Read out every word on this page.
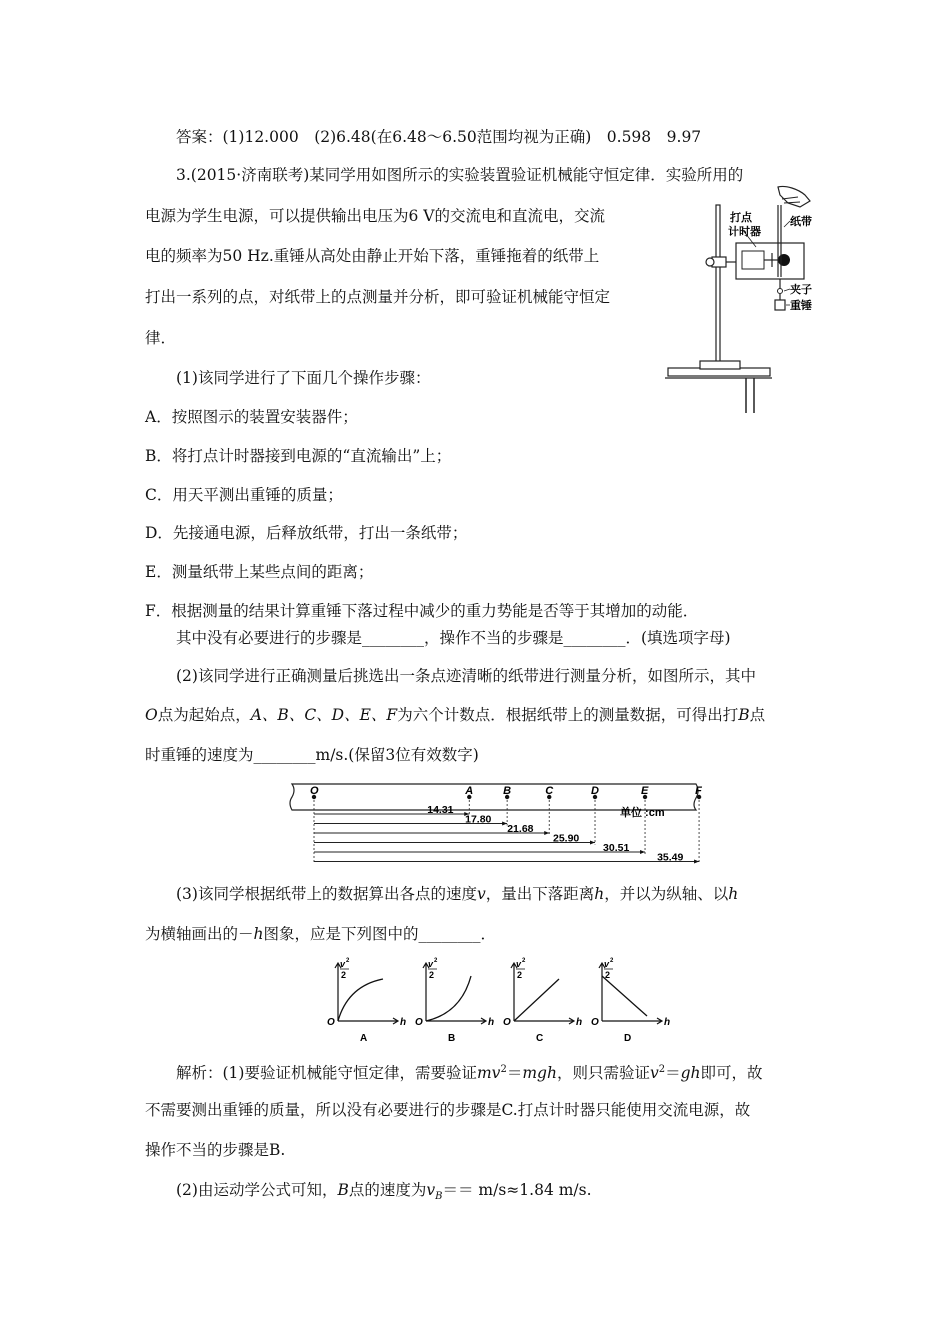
答案：(1)12.000　(2)6.48(在6.48～6.50范围均视为正确)　0.598　9.97
3.(2015·济南联考)某同学用如图所示的实验装置验证机械能守恒定律．实验所用的
电源为学生电源，可以提供输出电压为6 V的交流电和直流电，交流
电的频率为50 Hz.重锤从高处由静止开始下落，重锤拖着的纸带上
打出一系列的点，对纸带上的点测量并分析，即可验证机械能守恒定
律．
打点
计时器
纸带
夹子
重锤
(1)该同学进行了下面几个操作步骤：
A．按照图示的装置安装器件；
B．将打点计时器接到电源的“直流输出”上；
C．用天平测出重锤的质量；
D．先接通电源，后释放纸带，打出一条纸带；
E．测量纸带上某些点间的距离；
F．根据测量的结果计算重锤下落过程中减少的重力势能是否等于其增加的动能．
其中没有必要进行的步骤是________，操作不当的步骤是________．(填选项字母)
(2)该同学进行正确测量后挑选出一条点迹清晰的纸带进行测量分析，如图所示，其中
O点为起始点，A、B、C、D、E、F为六个计数点．根据纸带上的测量数据，可得出打B点
时重锤的速度为________m/s.(保留3位有效数字)
O	A	B	C	D	E	F
14.31
17.80
21.68
25.90
30.51
35.49
单位 :cm
(3)该同学根据纸带上的数据算出各点的速度v，量出下落距离h，并以为纵轴、以h
为横轴画出的－h图象，应是下列图中的________．
v 2
2
O	h
A
v 2
2
O	h
B
v 2
2
O	h
C
v 2
2
O	h
D
解析：(1)要验证机械能守恒定律，需要验证$mv^2=mgh$，则只需验证$v^2=gh$即可，故
不需要测出重锤的质量，所以没有必要进行的步骤是C.打点计时器只能使用交流电源，故
操作不当的步骤是B.
(2)由运动学公式可知，B点的速度为$v_B== m/s\approx 1.84$ m/s.
